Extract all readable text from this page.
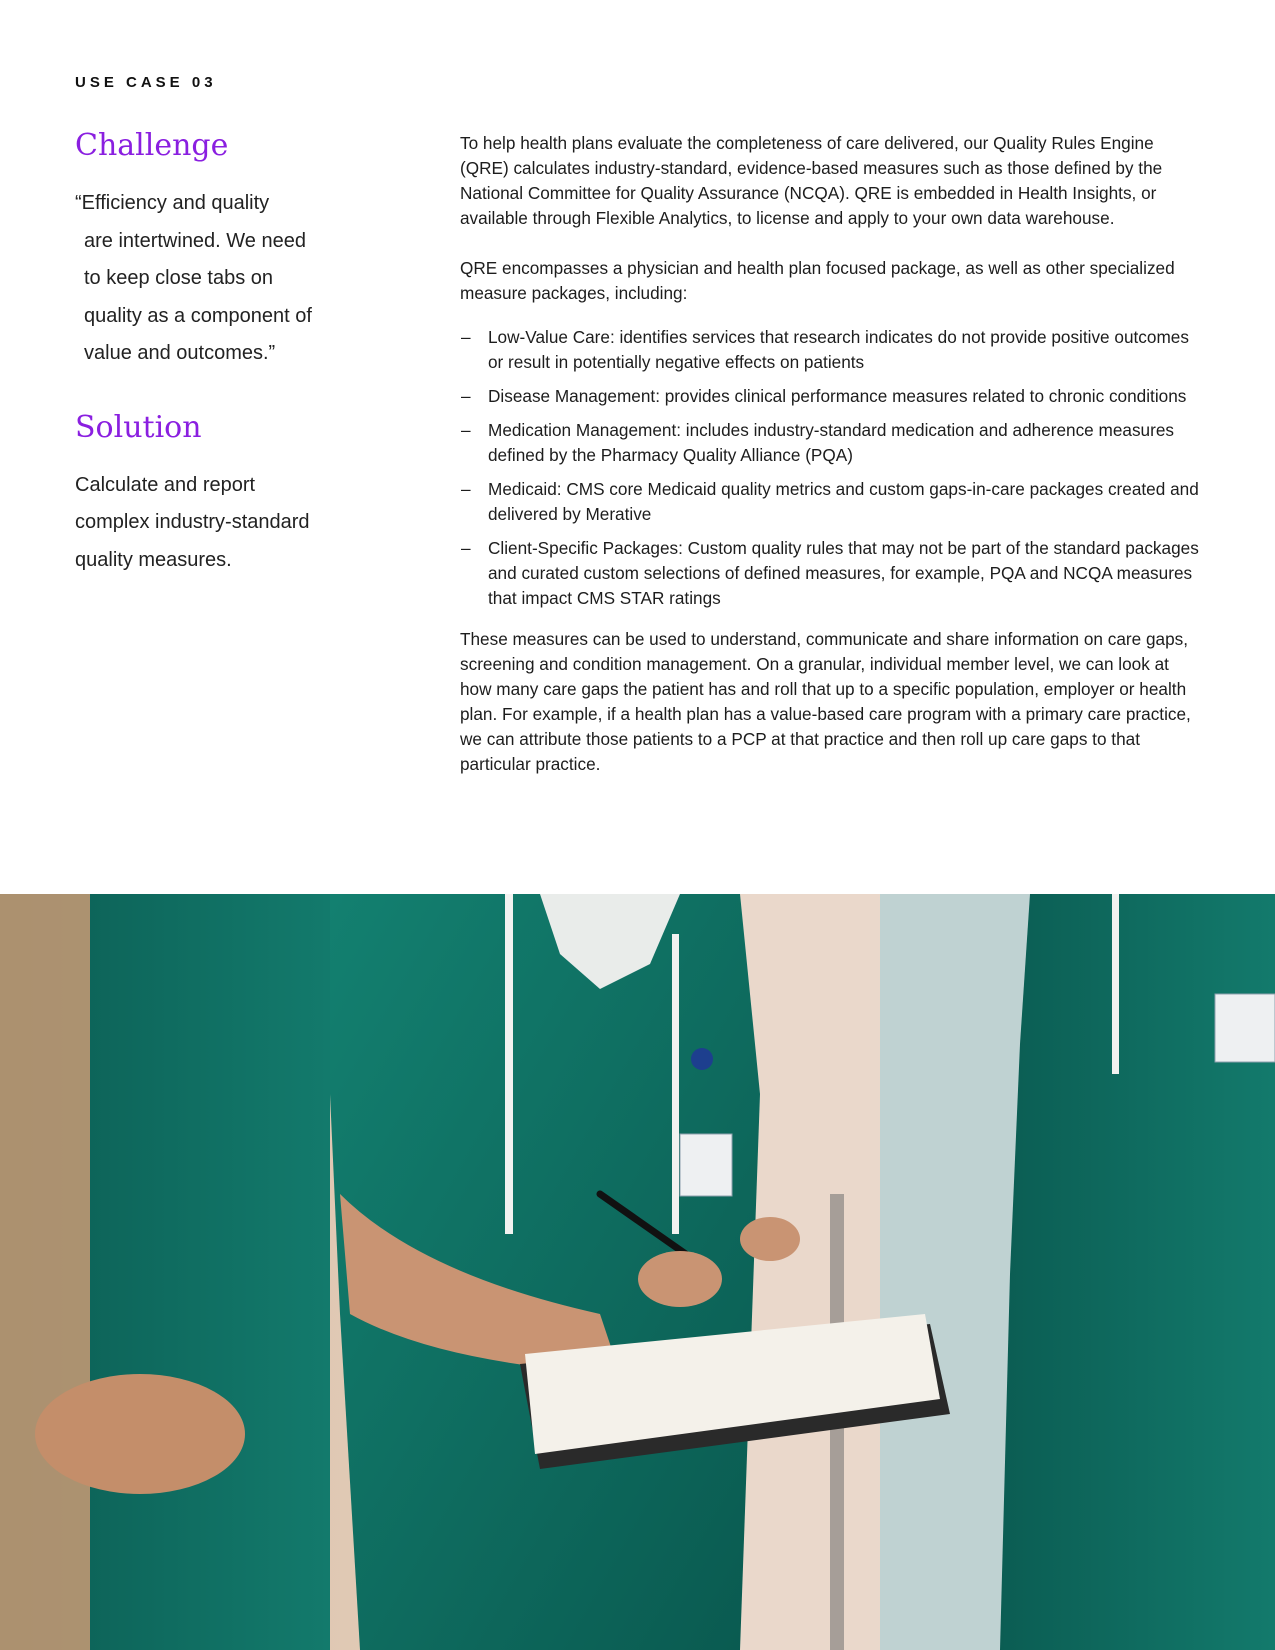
USE CASE 03
Challenge

“Efficiency and quality
are intertwined. We need
to keep close tabs on
quality as a component of
value and outcomes.”

Solution

Calculate and report
complex industry-standard
quality measures.

To help health plans evaluate the completeness of care delivered, our Quality Rules Engine (QRE) calculates industry-standard, evidence-based measures such as those defined by the National Committee for Quality Assurance (NCQA). QRE is embedded in Health Insights, or available through Flexible Analytics, to license and apply to your own data warehouse.

QRE encompasses a physician and health plan focused package, as well as other specialized measure packages, including:

– Low-Value Care: identifies services that research indicates do not provide positive outcomes or result in potentially negative effects on patients
– Disease Management: provides clinical performance measures related to chronic conditions
– Medication Management: includes industry-standard medication and adherence measures defined by the Pharmacy Quality Alliance (PQA)
– Medicaid: CMS core Medicaid quality metrics and custom gaps-in-care packages created and delivered by Merative
– Client-Specific Packages: Custom quality rules that may not be part of the standard packages and curated custom selections of defined measures, for example, PQA and NCQA measures that impact CMS STAR ratings

These measures can be used to understand, communicate and share information on care gaps, screening and condition management. On a granular, individual member level, we can look at how many care gaps the patient has and roll that up to a specific population, employer or health plan. For example, if a health plan has a value-based care program with a primary care practice, we can attribute those patients to a PCP at that practice and then roll up care gaps to that particular practice.
